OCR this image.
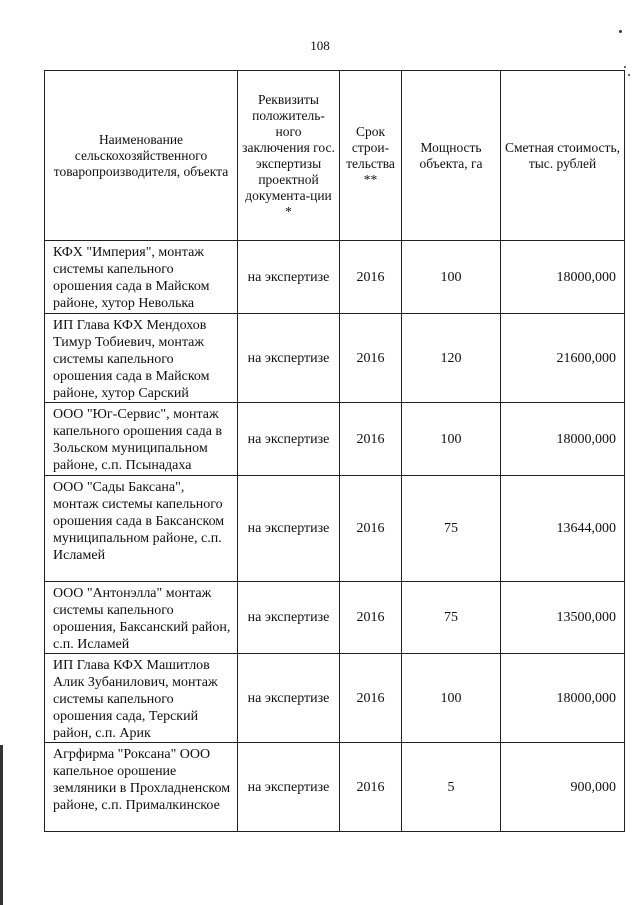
108
Наименование сельскохозяйственного товаропроизводителя, объекта	Реквизиты положитель-ного заключения гос. экспертизы проектной документа-ции *	Срок строи-тельства **	Мощность объекта, га	Сметная стоимость, тыс. рублей
КФХ "Империя", монтаж системы капельного орошения сада в Майском районе, хутор Неволька	на экспертизе	2016	100	18000,000
ИП Глава КФХ Мендохов Тимур Тобиевич, монтаж системы капельного орошения сада в Майском районе, хутор Сарский	на экспертизе	2016	120	21600,000
ООО "Юг-Сервис", монтаж капельного орошения сада в Зольском муниципальном районе, с.п. Псынадаха	на экспертизе	2016	100	18000,000
ООО "Сады Баксана", монтаж системы капельного орошения сада в Баксанском муниципальном районе, с.п. Исламей	на экспертизе	2016	75	13644,000
ООО "Антонэлла" монтаж системы капельного орошения, Баксанский район, с.п. Исламей	на экспертизе	2016	75	13500,000
ИП Глава КФХ Машитлов Алик Зубанилович, монтаж системы капельного орошения сада, Терский район, с.п. Арик	на экспертизе	2016	100	18000,000
Агрфирма "Роксана" ООО капельное орошение земляники в Прохладненском районе, с.п. Прималкинское	на экспертизе	2016	5	900,000
